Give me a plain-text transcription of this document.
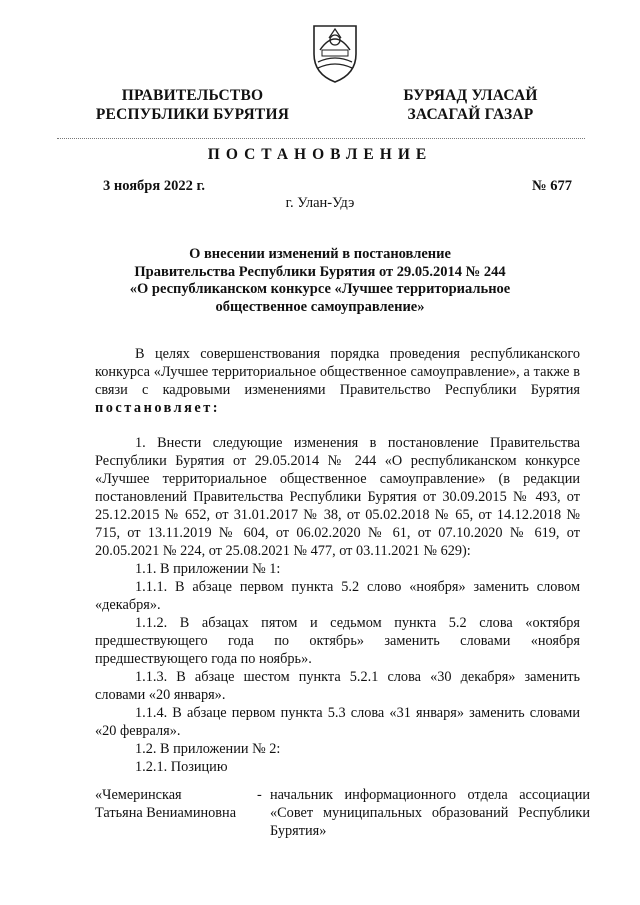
ПРАВИТЕЛЬСТВО
РЕСПУБЛИКИ БУРЯТИЯ
БУРЯАД УЛАСАЙ
ЗАСАГАЙ ГАЗАР
ПОСТАНОВЛЕНИЕ
3 ноября 2022 г.	№ 677
г. Улан-Удэ
О внесении изменений в постановление
Правительства Республики Бурятия от 29.05.2014 № 244
«О республиканском конкурсе «Лучшее территориальное
общественное самоуправление»

В целях совершенствования порядка проведения республиканского конкурса «Лучшее территориальное общественное самоуправление», а также в связи с кадровыми изменениями Правительство Республики Бурятия постановляет:

1. Внести следующие изменения в постановление Правительства Республики Бурятия от 29.05.2014 № 244 «О республиканском конкурсе «Лучшее территориальное общественное самоуправление» (в редакции постановлений Правительства Республики Бурятия от 30.09.2015 № 493, от 25.12.2015 № 652, от 31.01.2017 № 38, от 05.02.2018 № 65, от 14.12.2018 № 715, от 13.11.2019 № 604, от 06.02.2020 № 61, от 07.10.2020 № 619, от 20.05.2021 № 224, от 25.08.2021 № 477, от 03.11.2021 № 629):

1.1. В приложении № 1:

1.1.1. В абзаце первом пункта 5.2 слово «ноября» заменить словом «декабря».

1.1.2. В абзацах пятом и седьмом пункта 5.2 слова «октября предшествующего года по октябрь» заменить словами «ноября предшествующего года по ноябрь».

1.1.3. В абзаце шестом пункта 5.2.1 слова «30 декабря» заменить словами «20 января».

1.1.4. В абзаце первом пункта 5.3 слова «31 января» заменить словами «20 февраля».

1.2. В приложении № 2:

1.2.1. Позицию

«Чемеринская
Татьяна Вениаминовна
- начальник информационного отдела ассоциации «Совет муниципальных образований Республики Бурятия»
